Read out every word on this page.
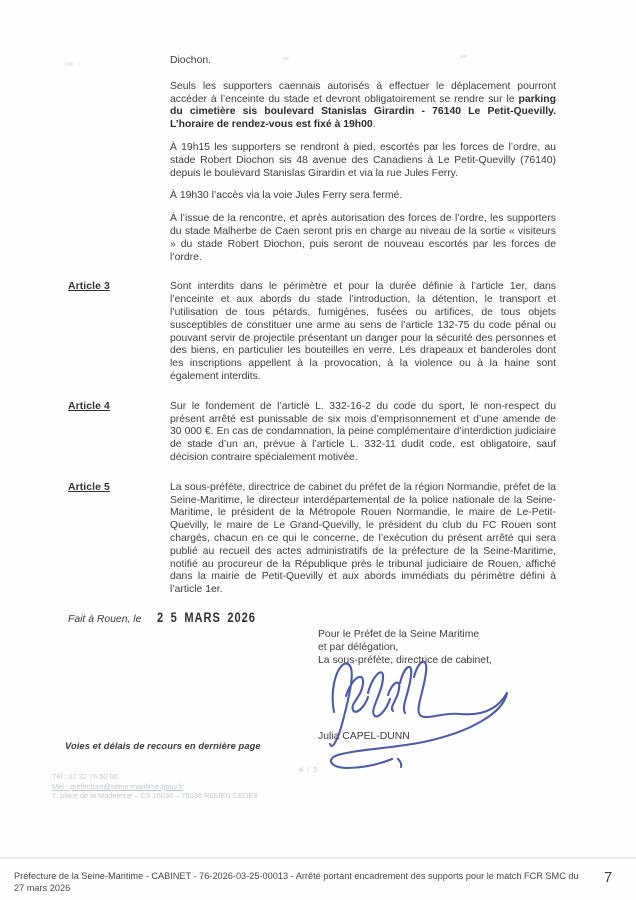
Diochon.

Seuls les supporters caennais autorisés à effectuer le déplacement pourront accéder à l’enceinte du stade et devront obligatoirement se rendre sur le parking du cimetière sis boulevard Stanislas Girardin - 76140 Le Petit-Quevilly. L’horaire de rendez-vous est fixé à 19h00.

À 19h15 les supporters se rendront à pied, escortés par les forces de l’ordre, au stade Robert Diochon sis 48 avenue des Canadiens à Le Petit-Quevilly (76140) depuis le boulevard Stanislas Girardin et via la rue Jules Ferry.

À 19h30 l’accès via la voie Jules Ferry sera fermé.

À l’issue de la rencontre, et après autorisation des forces de l’ordre, les supporters du stade Malherbe de Caen seront pris en charge au niveau de la sortie « visiteurs » du stade Robert Diochon, puis seront de nouveau escortés par les forces de l’ordre.

Article 3	Sont interdits dans le périmètre et pour la durée définie à l’article 1er, dans l’enceinte et aux abords du stade l’introduction, la détention, le transport et l’utilisation de tous pétards, fumigènes, fusées ou artifices, de tous objets susceptibles de constituer une arme au sens de l’article 132-75 du code pénal ou pouvant servir de projectile présentant un danger pour la sécurité des personnes et des biens, en particulier les bouteilles en verre. Les drapeaux et banderoles dont les inscriptions appellent à la provocation, à la violence ou à la haine sont également interdits.
Article 4	Sur le fondement de l’article L. 332-16-2 du code du sport, le non-respect du présent arrêté est punissable de six mois d’emprisonnement et d’une amende de 30 000 €. En cas de condamnation, la peine complémentaire d’interdiction judiciaire de stade d’un an, prévue à l’article L. 332-11 dudit code, est obligatoire, sauf décision contraire spécialement motivée.
Article 5	La sous-préfète, directrice de cabinet du préfet de la région Normandie, préfet de la Seine-Maritime, le directeur interdépartemental de la police nationale de la Seine-Maritime, le président de la Métropole Rouen Normandie, le maire de Le-Petit-Quevilly, le maire de Le Grand-Quevilly, le président du club du FC Rouen sont chargés, chacun en ce qui le concerne, de l’exécution du présent arrêté qui sera publié au recueil des actes administratifs de la préfecture de la Seine-Maritime, notifié au procureur de la République près le tribunal judiciaire de Rouen, affiché dans la mairie de Petit-Quevilly et aux abords immédiats du périmètre défini à l’article 1er.
Fait à Rouen, le 2 5 MARS 2026
Pour le Préfet de la Seine Maritime
et par délégation,
La sous-préfète, directrice de cabinet,
Julia CAPEL-DUNN
Voies et délais de recours en dernière page
4 / 5
Tél : 02 32 76 50 00
Mél : prefecture@seine-maritime.gouv.fr
7, place de la Madeleine – CS 16036 – 76036 ROUEN CEDEX
Préfecture de la Seine-Maritime - CABINET - 76-2026-03-25-00013 - Arrêté portant encadrement des supports pour le match FCR SMC du 27 mars 2026
7
